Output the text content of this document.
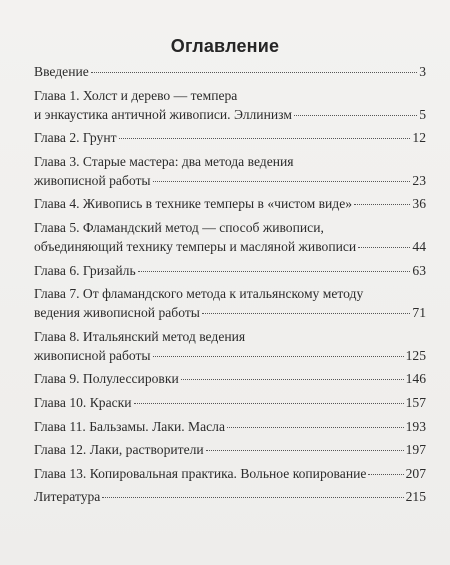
Оглавление
Введение	3
Глава 1. Холст и дерево — темпера
и энкаустика античной живописи. Эллинизм	5
Глава 2. Грунт	12
Глава 3. Старые мастера: два метода ведения
живописной работы	23
Глава 4. Живопись в технике темперы в «чистом виде»	36
Глава 5. Фламандский метод — способ живописи,
объединяющий технику темперы и масляной живописи	44
Глава 6. Гризайль	63
Глава 7. От фламандского метода к итальянскому методу
ведения живописной работы	71
Глава 8. Итальянский метод ведения
живописной работы	125
Глава 9. Полулессировки	146
Глава 10. Краски	157
Глава 11. Бальзамы. Лаки. Масла	193
Глава 12. Лаки, растворители	197
Глава 13. Копировальная практика. Вольное копирование	207
Литература	215
